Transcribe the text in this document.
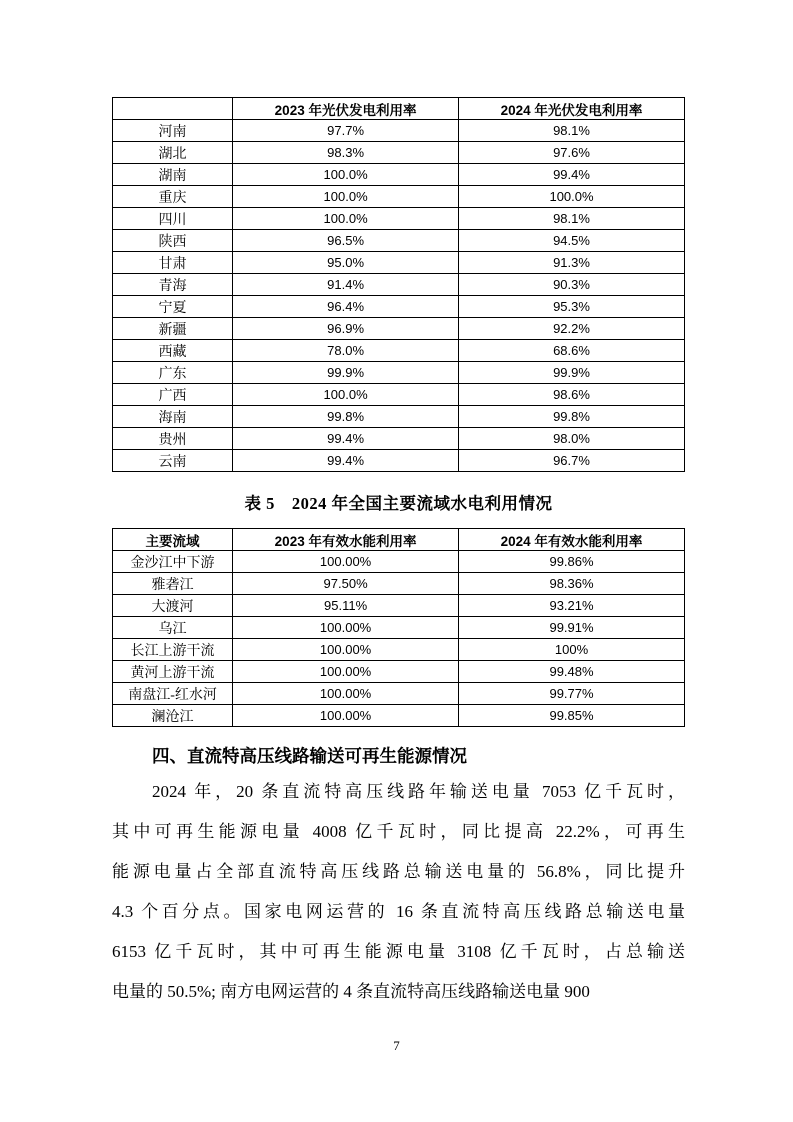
	2023 年光伏发电利用率	2024 年光伏发电利用率
河南	97.7%	98.1%
湖北	98.3%	97.6%
湖南	100.0%	99.4%
重庆	100.0%	100.0%
四川	100.0%	98.1%
陕西	96.5%	94.5%
甘肃	95.0%	91.3%
青海	91.4%	90.3%
宁夏	96.4%	95.3%
新疆	96.9%	92.2%
西藏	78.0%	68.6%
广东	99.9%	99.9%
广西	100.0%	98.6%
海南	99.8%	99.8%
贵州	99.4%	98.0%
云南	99.4%	96.7%
表 5　2024 年全国主要流域水电利用情况
主要流域	2023 年有效水能利用率	2024 年有效水能利用率
金沙江中下游	100.00%	99.86%
雅砻江	97.50%	98.36%
大渡河	95.11%	93.21%
乌江	100.00%	99.91%
长江上游干流	100.00%	100%
黄河上游干流	100.00%	99.48%
南盘江-红水河	100.00%	99.77%
澜沧江	100.00%	99.85%
四、直流特高压线路输送可再生能源情况
2024 年，20 条直流特高压线路年输送电量 7053 亿千瓦时，
其中可再生能源电量 4008 亿千瓦时，同比提高 22.2%，可再生
能源电量占全部直流特高压线路总输送电量的 56.8%，同比提升
4.3 个百分点。国家电网运营的 16 条直流特高压线路总输送电量
6153 亿千瓦时，其中可再生能源电量 3108 亿千瓦时，占总输送
电量的 50.5%; 南方电网运营的 4 条直流特高压线路输送电量 900
7
